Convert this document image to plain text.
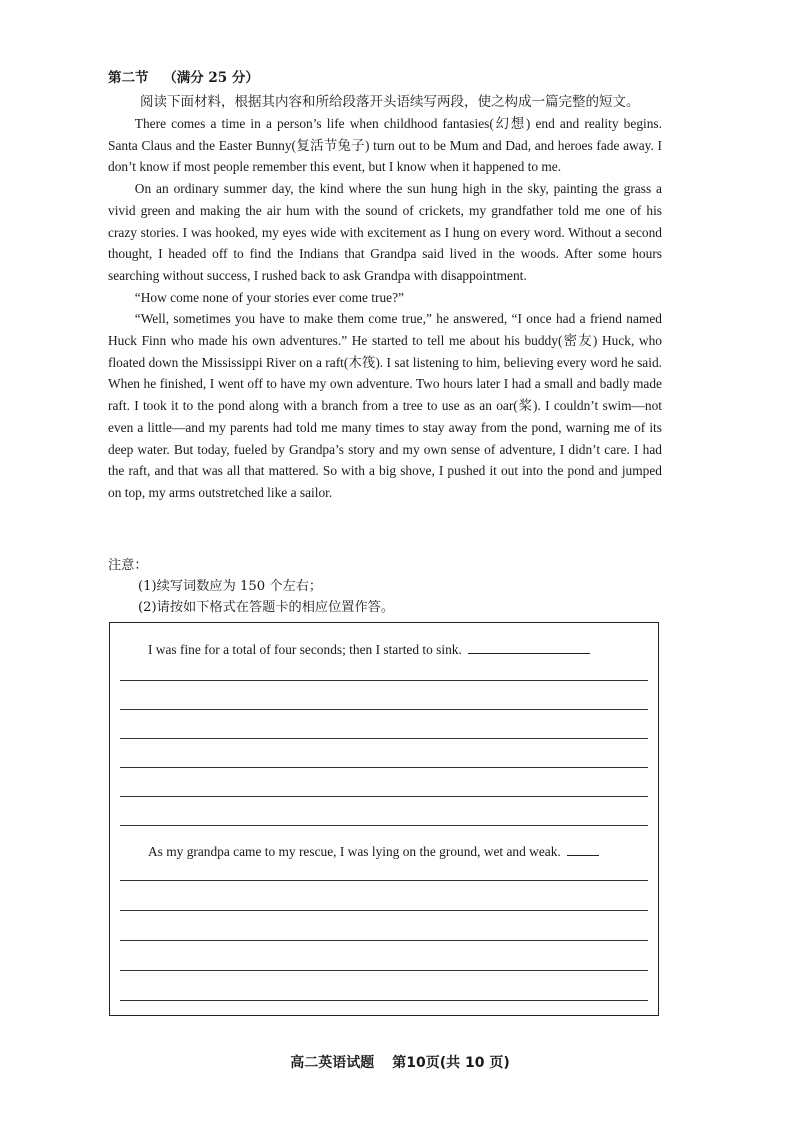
第二节 （满分 25 分）
阅读下面材料，根据其内容和所给段落开头语续写两段，使之构成一篇完整的短文。

There comes a time in a person’s life when childhood fantasies(幻想) end and reality begins. Santa Claus and the Easter Bunny(复活节兔子) turn out to be Mum and Dad, and heroes fade away. I don’t know if most people remember this event, but I know when it happened to me.

On an ordinary summer day, the kind where the sun hung high in the sky, painting the grass a vivid green and making the air hum with the sound of crickets, my grandfather told me one of his crazy stories. I was hooked, my eyes wide with excitement as I hung on every word. Without a second thought, I headed off to find the Indians that Grandpa said lived in the woods. After some hours searching without success, I rushed back to ask Grandpa with disappointment.

“How come none of your stories ever come true?”

“Well, sometimes you have to make them come true,” he answered, “I once had a friend named Huck Finn who made his own adventures.” He started to tell me about his buddy(密友) Huck, who floated down the Mississippi River on a raft(木筏). I sat listening to him, believing every word he said. When he finished, I went off to have my own adventure. Two hours later I had a small and badly made raft. I took it to the pond along with a branch from a tree to use as an oar(桨). I couldn’t swim—not even a little—and my parents had told me many times to stay away from the pond, warning me of its deep water. But today, fueled by Grandpa’s story and my own sense of adventure, I didn’t care. I had the raft, and that was all that mattered. So with a big shove, I pushed it out into the pond and jumped on top, my arms outstretched like a sailor.

注意：
(1)续写词数应为 150 个左右；
(2)请按如下格式在答题卡的相应位置作答。
I was fine for a total of four seconds; then I started to sink.
As my grandpa came to my rescue, I was lying on the ground, wet and weak.
高二英语试题 第10页(共 10 页)
